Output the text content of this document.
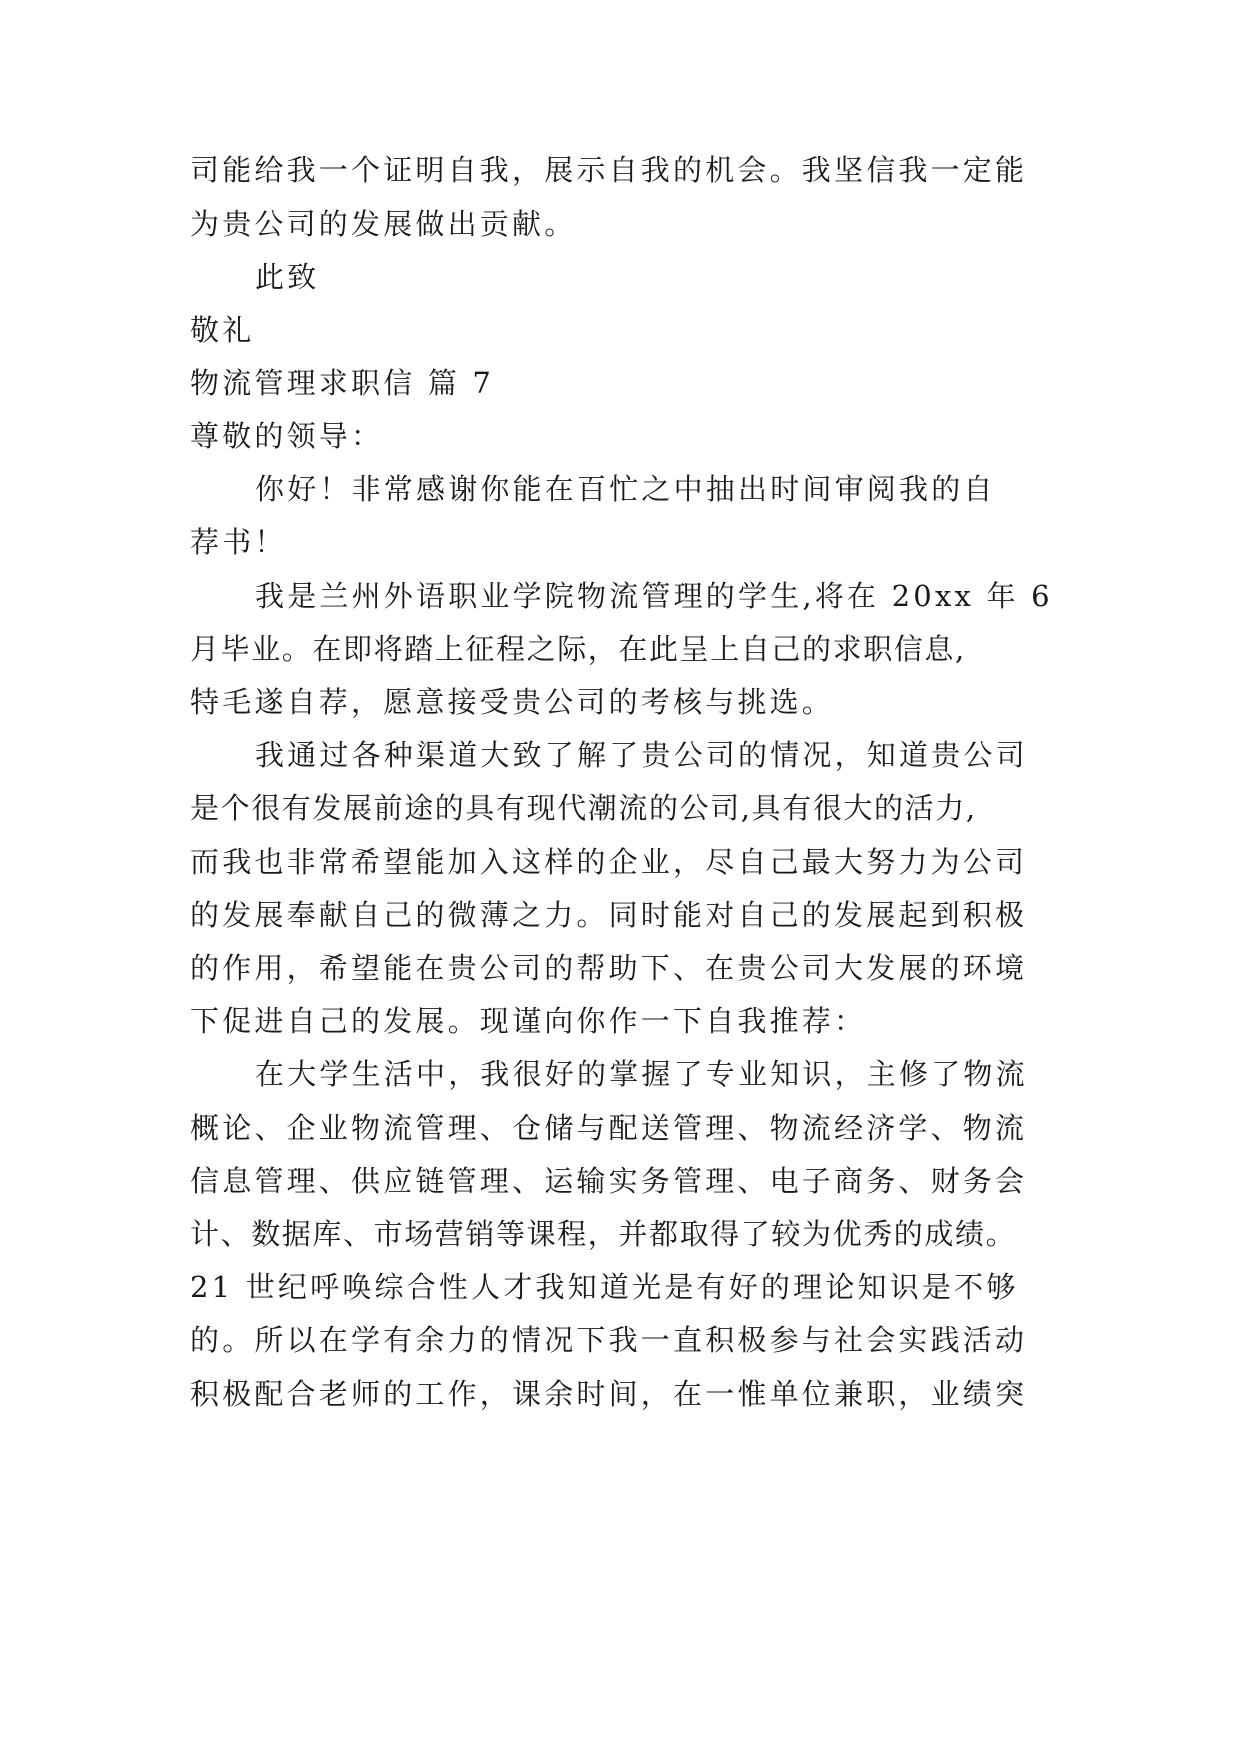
司能给我一个证明自我，展示自我的机会。我坚信我一定能
为贵公司的发展做出贡献。
此致
敬礼
物流管理求职信 篇 7
尊敬的领导：
你好！非常感谢你能在百忙之中抽出时间审阅我的自
荐书！
我是兰州外语职业学院物流管理的学生,将在 20xx 年 6
月毕业。在即将踏上征程之际，在此呈上自己的求职信息,
特毛遂自荐，愿意接受贵公司的考核与挑选。
我通过各种渠道大致了解了贵公司的情况，知道贵公司
是个很有发展前途的具有现代潮流的公司,具有很大的活力,
而我也非常希望能加入这样的企业，尽自己最大努力为公司
的发展奉献自己的微薄之力。同时能对自己的发展起到积极
的作用，希望能在贵公司的帮助下、在贵公司大发展的环境
下促进自己的发展。现谨向你作一下自我推荐：
在大学生活中，我很好的掌握了专业知识，主修了物流
概论、企业物流管理、仓储与配送管理、物流经济学、物流
信息管理、供应链管理、运输实务管理、电子商务、财务会
计、数据库、市场营销等课程，并都取得了较为优秀的成绩。
21 世纪呼唤综合性人才我知道光是有好的理论知识是不够
的。所以在学有余力的情况下我一直积极参与社会实践活动
积极配合老师的工作，课余时间，在一惟单位兼职，业绩突
